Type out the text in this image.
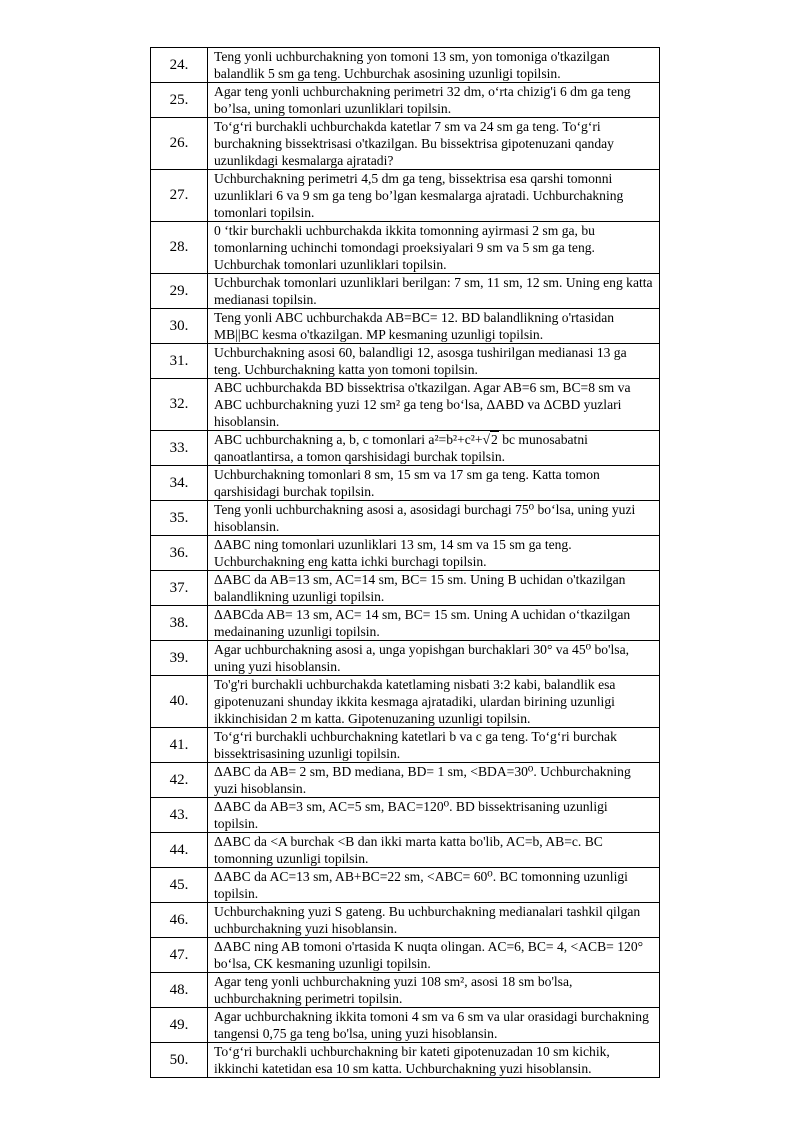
24.	Teng yonli uchburchakning yon tomoni 13 sm, yon tomoniga o'tkazilgan balandlik 5 sm ga teng. Uchburchak asosining uzunligi topilsin.
25.	Agar teng yonli uchburchakning perimetri 32 dm, o‘rta chizig'i 6 dm ga teng bo’lsa, uning tomonlari uzunliklari topilsin.
26.	To‘g‘ri burchakli uchburchakda katetlar 7 sm va 24 sm ga teng. To‘g‘ri burchakning bissektrisasi o'tkazilgan. Bu bissektrisa gipotenuzani qanday uzunlikdagi kesmalarga ajratadi?
27.	Uchburchakning perimetri 4,5 dm ga teng, bissektrisa esa qarshi tomonni uzunliklari 6 va 9 sm ga teng bo’lgan kesmalarga ajratadi. Uchburchakning tomonlari topilsin.
28.	0 ‘tkir burchakli uchburchakda ikkita tomonning ayirmasi 2 sm ga, bu tomonlarning uchinchi tomondagi proeksiyalari 9 sm va 5 sm ga teng. Uchburchak tomonlari uzunliklari topilsin.
29.	Uchburchak tomonlari uzunliklari berilgan: 7 sm, 11 sm, 12 sm. Uning eng katta medianasi topilsin.
30.	Teng yonli ABC uchburchakda AB=BC= 12. BD balandlikning o'rtasidan MB||BC kesma o'tkazilgan. MP kesmaning uzunligi topilsin.
31.	Uchburchakning asosi 60, balandligi 12, asosga tushirilgan medianasi 13 ga teng. Uchburchakning katta yon tomoni topilsin.
32.	ABC uchburchakda BD bissektrisa o'tkazilgan. Agar AB=6 sm, BC=8 sm va ABC uchburchakning yuzi 12 sm² ga teng bo‘lsa, ΔABD va ΔCBD yuzlari hisoblansin.
33.	ABC uchburchakning a, b, c tomonlari a²=b²+c²+√2 bc munosabatni qanoatlantirsa, a tomon qarshisidagi burchak topilsin.
34.	Uchburchakning tomonlari 8 sm, 15 sm va 17 sm ga teng. Katta tomon qarshisidagi burchak topilsin.
35.	Teng yonli uchburchakning asosi a, asosidagi burchagi 75⁰ bo‘lsa, uning yuzi hisoblansin.
36.	ΔABC ning tomonlari uzunliklari 13 sm, 14 sm va 15 sm ga teng. Uchburchakning eng katta ichki burchagi topilsin.
37.	ΔABC da AB=13 sm, AC=14 sm, BC= 15 sm. Uning B uchidan o'tkazilgan balandlikning uzunligi topilsin.
38.	ΔABCda AB= 13 sm, AC= 14 sm, BC= 15 sm. Uning A uchidan o‘tkazilgan medainaning uzunligi topilsin.
39.	Agar uchburchakning asosi a, unga yopishgan burchaklari 30° va 45⁰ bo'lsa, uning yuzi hisoblansin.
40.	To'g'ri burchakli uchburchakda katetlaming nisbati 3:2 kabi, balandlik esa gipotenuzani shunday ikkita kesmaga ajratadiki, ulardan birining uzunligi ikkinchisidan 2 m katta. Gipotenuzaning uzunligi topilsin.
41.	To‘g‘ri burchakli uchburchakning katetlari b va c ga teng. To‘g‘ri burchak bissektrisasining uzunligi topilsin.
42.	ΔABC da AB= 2 sm, BD mediana, BD= 1 sm, <BDA=30⁰. Uchburchakning yuzi hisoblansin.
43.	ΔABC da AB=3 sm, AC=5 sm, BAC=120⁰. BD bissektrisaning uzunligi topilsin.
44.	ΔABC da <A burchak <B dan ikki marta katta bo'lib, AC=b, AB=c. BC tomonning uzunligi topilsin.
45.	ΔABC da AC=13 sm, AB+BC=22 sm, <ABC= 60⁰. BC tomonning uzunligi topilsin.
46.	Uchburchakning yuzi S gateng. Bu uchburchakning medianalari tashkil qilgan uchburchakning yuzi hisoblansin.
47.	ΔABC ning AB tomoni o'rtasida K nuqta olingan. AC=6, BC= 4, <ACB= 120° bo‘lsa, CK kesmaning uzunligi topilsin.
48.	Agar teng yonli uchburchakning yuzi 108 sm², asosi 18 sm bo'lsa, uchburchakning perimetri topilsin.
49.	Agar uchburchakning ikkita tomoni 4 sm va 6 sm va ular orasidagi burchakning tangensi 0,75 ga teng bo'lsa, uning yuzi hisoblansin.
50.	To‘g‘ri burchakli uchburchakning bir kateti gipotenuzadan 10 sm kichik, ikkinchi katetidan esa 10 sm katta. Uchburchakning yuzi hisoblansin.
